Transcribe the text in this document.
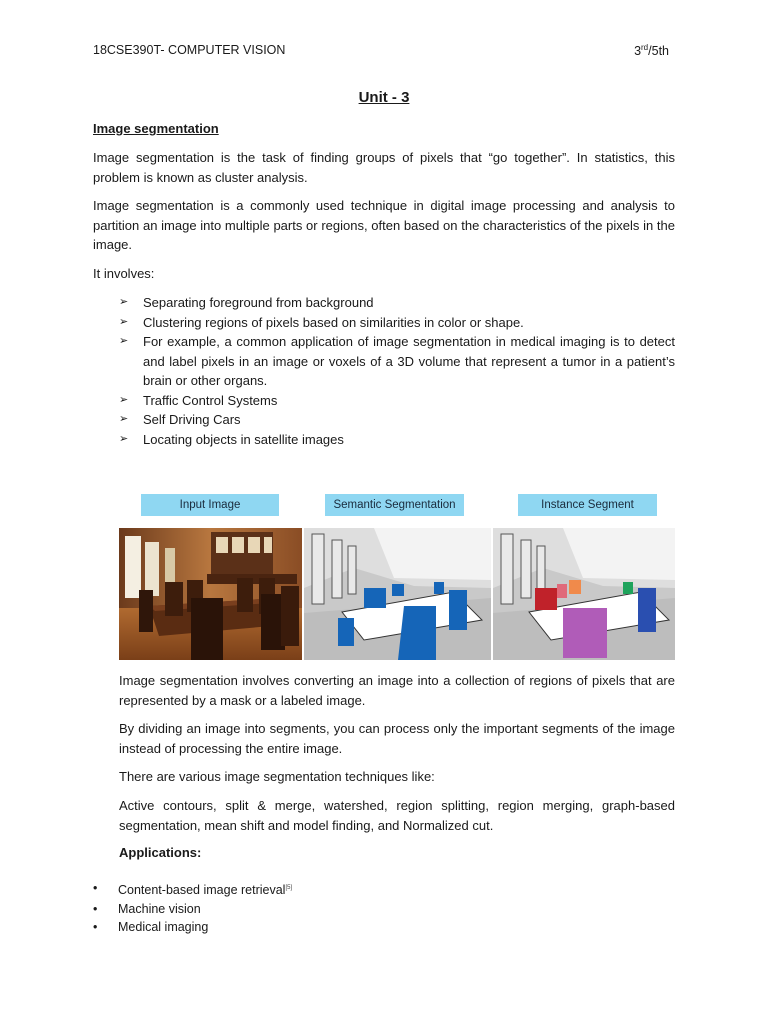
18CSE390T- COMPUTER VISION	3rd/5th
Unit - 3
Image segmentation
Image segmentation is the task of finding groups of pixels that “go together”. In statistics, this problem is known as cluster analysis.
Image segmentation is a commonly used technique in digital image processing and analysis to partition an image into multiple parts or regions, often based on the characteristics of the pixels in the image.
It involves:
➢ Separating foreground from background
➢ Clustering regions of pixels based on similarities in color or shape.
➢ For example, a common application of image segmentation in medical imaging is to detect and label pixels in an image or voxels of a 3D volume that represent a tumor in a patient’s brain or other organs.
➢ Traffic Control Systems
➢ Self Driving Cars
➢ Locating objects in satellite images
Input Image	Semantic Segmentation	Instance Segment
Image segmentation involves converting an image into a collection of regions of pixels that are represented by a mask or a labeled image.
By dividing an image into segments, you can process only the important segments of the image instead of processing the entire image.
There are various image segmentation techniques like:
Active contours, split & merge, watershed, region splitting, region merging, graph-based segmentation, mean shift and model finding, and Normalized cut.
Applications:
• Content-based image retrieval[5]
• Machine vision
• Medical imaging
